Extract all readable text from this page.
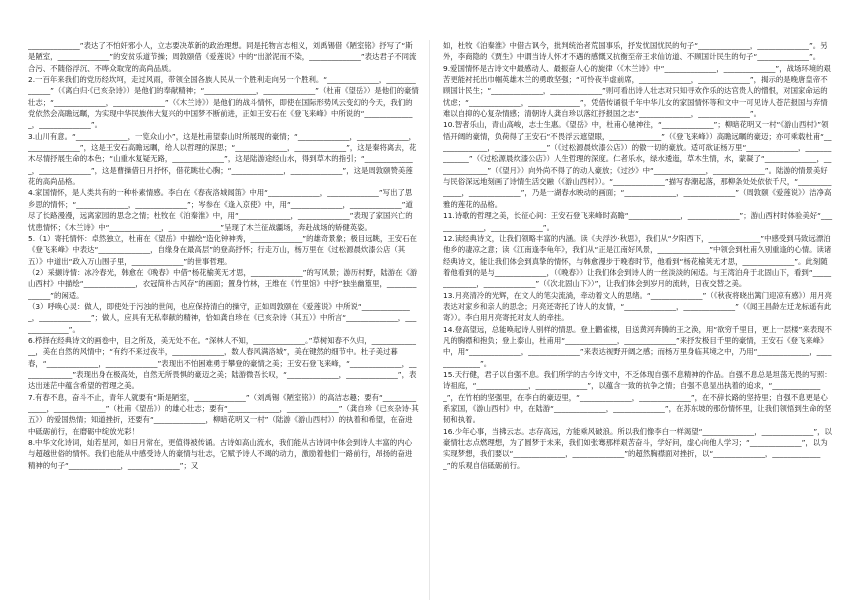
______________”表达了不怕奸邪小人，立志要决革新的政治理想。同是托物言志相义，刘禹锡借《陋室铭》抒写了“斯是陋室，______________”的安贫乐道节操；周敦颐借《爱莲说》中的“出淤泥而不染，______________”表达君子不同流合污、不随俗浮沉、不哗众取宠的高尚品质。

2.一百年来我们的党历经坎坷，走过风雨，带领全国各族人民从一个胜利走向另一个胜利。“______________，______________”（《离白归·《已亥杂诗》）是他们的奉献精神；“______________，______________”（杜甫《望岳》）是他们的豪情壮志；“______________，______________”（《木兰诗》）是他们的战斗情怀，即使在国际形势风云变幻的今天，我们的党依然会高瞻远瞩，为实现中华民族伟大复兴的中国梦不断前进，正如王安石在《登飞来峰》中所说的“______________，______________”。

3.山川有意。“______________，一览众山小”，这是杜甫望泰山时所展现的豪情；“______________，______________，______________”，这是王安石高瞻远瞩，给人以哲理的深思；“______________，______________”，这是秦将离去，花木尽情抒展生命的本色；“山重水复疑无路，______________”，这是陆游途经山水，得到草木的指引；“______________，______________”，这是曹操借日月抒怀，借花眺壮心胸；“______________，______________”，这是周敦颐赞美莲花的高尚品格。

4.家国情怀，是人类共有的一种朴素情感。李白在《春夜洛城闻笛》中用“______________，______________”写出了思乡思的情怀；“______________，______________”；岑参在《逢入京使》中，用“______________，______________”道尽了长路漫漫，远离家园的思念之情；杜牧在《泊秦淮》中，用“______________，______________”表现了家国兴亡的忧患情怀；《木兰诗》中“______________，______________”呈现了木兰征战疆场，奔赴战场的矫健英姿。

5.（1）寄托情怀：卓然独立，杜甫在《望岳》中描绘“造化钟神秀，______________”的雄奇景象；极目远眺，王安石在《登飞来峰》中表达“______________，自缘身在最高层”的登高抒怀；行走万山，杨万里在《过松源晨炊漆公店（其五）》中道出“政入万山围子里，______________”的世事哲理。

（2）采撷诗情：冰冷春光，韩愈在《晚春》中借“杨花榆荚无才思，______________”的写风景；游历村野，陆游在《游山西村》中描绘“______________，衣冠简朴古风存”的画面；置身竹林，王维在《竹里馆》中抒“独坐幽篁里，______________”的闲适。

（3）呼唤心灵：做人，即使处于污浊的世间，也应保持清白的操守，正如周敦颐在《爱莲说》中所说“______________，______________”；做人，应具有无私奉献的精神，恰如龚自珍在《已亥杂诗（其五）》中所言“______________，______________”。

6.栉择在经典诗文的画卷中，目之所及，美无处不在。“深林人不知，______________。”草树知春不久归，______________，美在自然的风情中；“有约不来过夜半，______________，数人春风满洛城”，美在键然的细节中。杜子美过暮春，“______________，______________”表现出不怕困难勇于攀登的豪情之美；王安石登飞来峰，“______________，______________”表现出身在极高处，自然无所畏惧的豪迈之美；陆游微吾长叹，“______________，______________”，表达出迷茫中蕴含希望的哲理之美。

7.有春不息，奋斗不止，青年人就要有“斯是陋室，______________”（刘禹锡《陋室铭》）的高洁志趣；要有“______________，______________”（杜甫《望岳》）的雄心壮志；要有“______________，______________”（龚自珍《已亥杂诗·其五》）的爱国热情；知道挫折，还要有“______________，柳暗花明又一村”（陆游《游山西村》）的执着和希望，在奋进中砥砺前行，在磨砺中绽放光彩！

8.中华文化诗词，灿若星河，如日月常在，更值得被传诵。古诗如高山流水，我们能从古诗词中体会到诗人丰富的内心与超越世俗的情怀。我们也能从中感受诗人的豪情与壮志，它赋予诗人不竭的动力，激励着他们一路前行，昂扬的奋进精神的句子“______________，______________”；又

如，杜牧《泊秦淮》中借古讽今，批判统治者荒国事乐，抒发忧国忧民的句子“______________，______________”。另外，李商隐的《贾生》中谓当诗人怀才不遇的感慨又抗衡至帝王求仙访道、不顾国计民生的句子“______________”。

9.爱国情怀是古诗文中最感动人、最振奋人心的旋律（《木兰诗》中“______________，______________”，战场环境的艰苦更能衬托出巾帼英雄木兰的勇敢坚强；“可怜夜半虚前席，______________，______________”，揭示的是晚唐皇帝不顾国计民生；“______________，______________”则可看出诗人壮志对只知寻欢作乐的达官贵人的憎恨，对国家命运的忧虑；“______________，______________”，凭借传诵很千年中华儿女的家国情怀等和文中一可见诗人苍茫报国与弃情难以自抑的心复杂情感；清朝诗人龚自珍以落红抒报国之志“______________，______________”。

10.智者乐山，青山高峻，志士生惠。《望岳》中，杜甫心驰神往，“______________”；柳暗花明又一村“《游山西村》”领悟开阔的豪情，负荷得了王安石“不畏浮云遮望眼，______________”（《登飞来峰》）高瞻远瞩的豪迈；亦可乘载杜甫“______________，______________”（《过松源晨炊漆公店》）的傲一切的豪放。适可欲证杨万里“______________，______________”（《过松源晨炊漆公店》）人生哲理的深度。仁者乐水，绿水逶迤，草木生情，水，蒙凝了“______________，______________”（《望月》）向外尚不得了的动人豪放；《过沙》中“______________，______________”。陆游的情景美好与民俗深远地刻画了诗情生活交融（《游山西村》）。“______________”描写春潮起落，那柳条处处依依千尺，“______________，______________”，乃是一湖春水映动的画面；“______________，______________”（周敦颐《爱莲说》）洁净高雅的莲花的品格。

11.诗歌的哲理之美，长征心间：王安石登飞来峰时高瞻“______________，______________”；游山西村时体验美好“______________，______________”。

12.读经典诗文，让我们领略丰富的内涵。读《夫浮沙·秋思》，我们从“夕阳西下，______________”中感受到马致远漂泊他乡的凄凉之意；读《江南逢李龟年》，我们从“正是江南好风景，______________”中领会到杜甫久别重逢的心情。读诸经典诗文，能让我们体会到真挚的情怀，与韩愈漫步于晚春时节，他看到“杨花榆荚无才思，______________”。此刻随着他看到的是与______________，（《晚春》）让我们体会到诗人的一丝淡淡的闲适。与王湾泊舟于北固山下，看到“______________，______________”（《次北固山下》）”，让我们体会到岁月的流转，日夜交替之美。

13.月亮清冷的光辉，在文人的笔尖流淌，牵动着文人的思绪。“______________”（《秋夜将晓出篱门迎凉有感》）用月亮表达对家乡和亲人的思念；月亮还寄托了诗人的友情，“______________，______________”（《闻王昌龄左迁龙标遥有此寄》）。李白用月亮寄托对友人的牵挂。

14.登高望远，总能唤起诗人别样的情思。登上鹳雀楼，目送黄河奔腾的王之涣，用“欲穷千里目，更上一层楼”来表现不凡的胸襟和抱负；登上泰山，杜甫用“______________，______________”来抒发极目千里的豪情，王安石《登飞来峰》中，用“______________，______________”来表达视野开阔之感；而杨万里身临其境之中，乃用“______________，______________”。

15.天行健，君子以自强不息。我们所学的古今诗文中，不乏体现自强不息精神的作品。自强不息总是坦荡无畏的写照：诗祖庭，“______________，______________”，以蕴含一致的抗争之情；自强不息显出执着的追求，“______________”，在竹柏的坚强里，在李白的豪迈里，“______________，______________”，在不辞长路的坚持里；自强不息更是心系家国，《游山西村》中，在陆游“______________，______________”，在苏东坡的那份情怀里，让我们领悟到生命的坚韧和执着。

16.少年心事，当拂云志。志存高远，方能乘风破浪。所以我们像李白一样渴望“______________，______________”，以豪情壮志点燃理想，为了圆梦于未来，我们如张骞那样艰苦奋斗，学好问，虚心向他人学习；“______________”，以为实现梦想，我们要以“______________，______________”的超然胸襟面对挫折，以“______________，______________”的乐观自信砥砺前行。
